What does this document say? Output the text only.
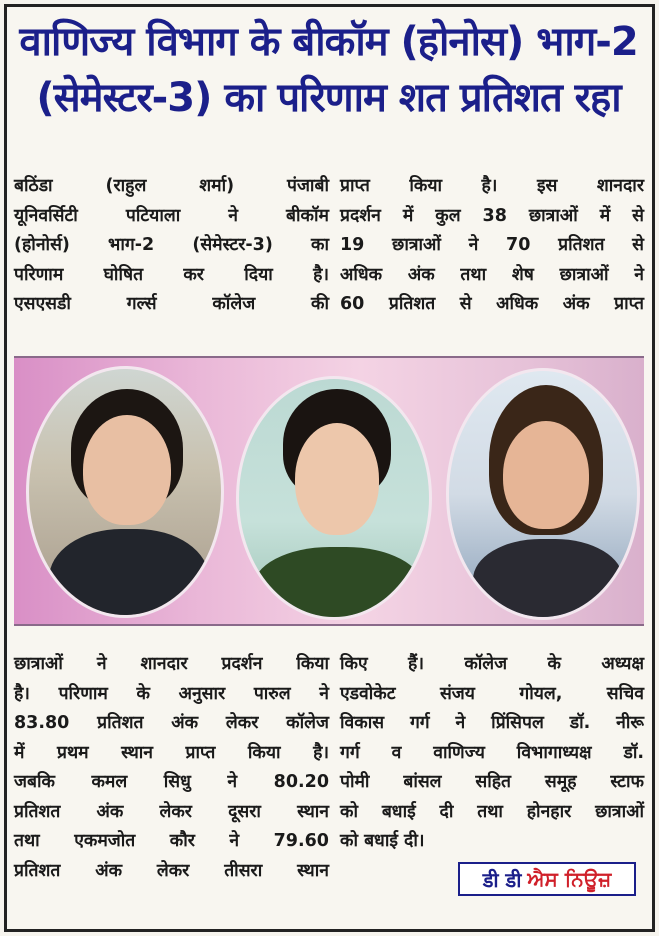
वाणिज्य विभाग के बीकॉम (होनोस) भाग-2
(सेमेस्टर-3) का परिणाम शत प्रतिशत रहा

बठिंडा (राहुल शर्मा) पंजाबी

यूनिवर्सिटी पटियाला ने बीकॉम

(होनोर्स) भाग-2 (सेमेस्टर-3) का

परिणाम घोषित कर दिया है।

एसएसडी गर्ल्स कॉलेज की

प्राप्त किया है। इस शानदार

प्रदर्शन में कुल 38 छात्राओं में से

19 छात्राओं ने 70 प्रतिशत से

अधिक अंक तथा शेष छात्राओं ने

60 प्रतिशत से अधिक अंक प्राप्त

छात्राओं ने शानदार प्रदर्शन किया

है। परिणाम के अनुसार पारुल ने

83.80 प्रतिशत अंक लेकर कॉलेज

में प्रथम स्थान प्राप्त किया है।

जबकि कमल सिधु ने 80.20

प्रतिशत अंक लेकर दूसरा स्थान

तथा एकमजोत कौर ने 79.60

प्रतिशत अंक लेकर तीसरा स्थान

किए हैं। कॉलेज के अध्यक्ष

एडवोकेट संजय गोयल, सचिव

विकास गर्ग ने प्रिंसिपल डॉ. नीरू

गर्ग व वाणिज्य विभागाध्यक्ष डॉ.

पोमी बांसल सहित समूह स्टाफ

को बधाई दी तथा होनहार छात्राओं

को बधाई दी।

डी डी ਐਸ ਨਿਊਜ਼
